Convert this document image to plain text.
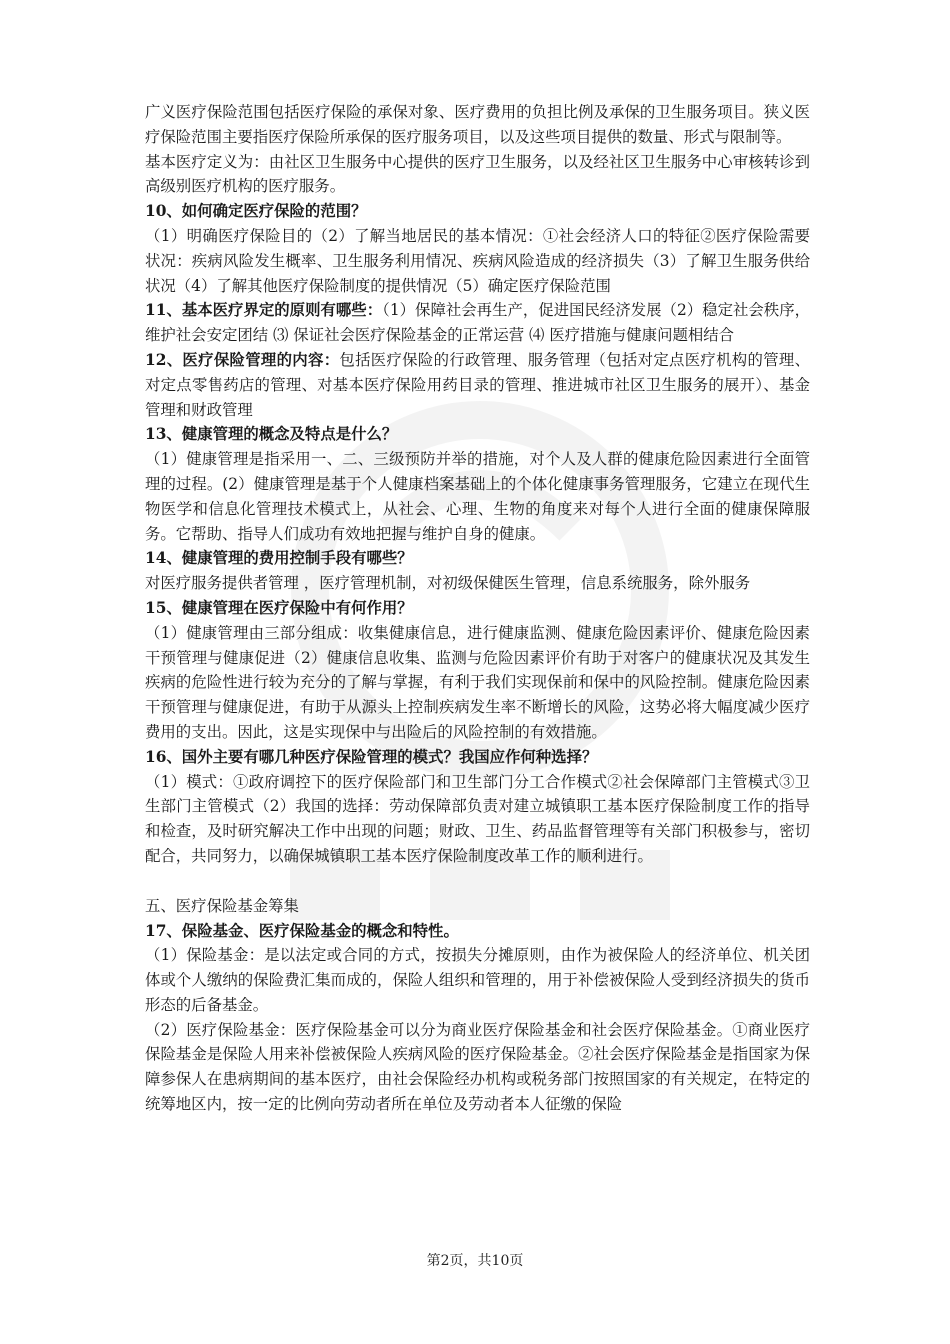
广义医疗保险范围包括医疗保险的承保对象、医疗费用的负担比例及承保的卫生服务项目。狭义医疗保险范围主要指医疗保险所承保的医疗服务项目，以及这些项目提供的数量、形式与限制等。

基本医疗定义为：由社区卫生服务中心提供的医疗卫生服务，以及经社区卫生服务中心审核转诊到高级别医疗机构的医疗服务。

10、如何确定医疗保险的范围？

（1）明确医疗保险目的（2）了解当地居民的基本情况：①社会经济人口的特征②医疗保险需要状况：疾病风险发生概率、卫生服务利用情况、疾病风险造成的经济损失（3）了解卫生服务供给状况（4）了解其他医疗保险制度的提供情况（5）确定医疗保险范围

11、基本医疗界定的原则有哪些：（1）保障社会再生产，促进国民经济发展（2）稳定社会秩序，维护社会安定团结 ⑶ 保证社会医疗保险基金的正常运营 ⑷ 医疗措施与健康问题相结合

12、医疗保险管理的内容：包括医疗保险的行政管理、服务管理（包括对定点医疗机构的管理、对定点零售药店的管理、对基本医疗保险用药目录的管理、推进城市社区卫生服务的展开）、基金管理和财政管理

13、健康管理的概念及特点是什么？

（1）健康管理是指采用一、二、三级预防并举的措施，对个人及人群的健康危险因素进行全面管理的过程。(2）健康管理是基于个人健康档案基础上的个体化健康事务管理服务，它建立在现代生物医学和信息化管理技术模式上，从社会、心理、生物的角度来对每个人进行全面的健康保障服务。它帮助、指导人们成功有效地把握与维护自身的健康。

14、健康管理的费用控制手段有哪些？

对医疗服务提供者管理 ，医疗管理机制，对初级保健医生管理，信息系统服务，除外服务

15、健康管理在医疗保险中有何作用？

（1）健康管理由三部分组成：收集健康信息，进行健康监测、健康危险因素评价、健康危险因素干预管理与健康促进（2）健康信息收集、监测与危险因素评价有助于对客户的健康状况及其发生疾病的危险性进行较为充分的了解与掌握，有利于我们实现保前和保中的风险控制。健康危险因素干预管理与健康促进，有助于从源头上控制疾病发生率不断增长的风险，这势必将大幅度减少医疗费用的支出。因此，这是实现保中与出险后的风险控制的有效措施。

16、国外主要有哪几种医疗保险管理的模式？我国应作何种选择？

（1）模式：①政府调控下的医疗保险部门和卫生部门分工合作模式②社会保障部门主管模式③卫生部门主管模式（2）我国的选择：劳动保障部负责对建立城镇职工基本医疗保险制度工作的指导和检查，及时研究解决工作中出现的问题；财政、卫生、药品监督管理等有关部门积极参与，密切配合，共同努力，以确保城镇职工基本医疗保险制度改革工作的顺利进行。

五、医疗保险基金筹集

17、保险基金、医疗保险基金的概念和特性。

（1）保险基金：是以法定或合同的方式，按损失分摊原则，由作为被保险人的经济单位、机关团体或个人缴纳的保险费汇集而成的，保险人组织和管理的，用于补偿被保险人受到经济损失的货币形态的后备基金。

（2）医疗保险基金：医疗保险基金可以分为商业医疗保险基金和社会医疗保险基金。①商业医疗保险基金是保险人用来补偿被保险人疾病风险的医疗保险基金。②社会医疗保险基金是指国家为保障参保人在患病期间的基本医疗，由社会保险经办机构或税务部门按照国家的有关规定，在特定的统筹地区内，按一定的比例向劳动者所在单位及劳动者本人征缴的保险

第2页，共10页
